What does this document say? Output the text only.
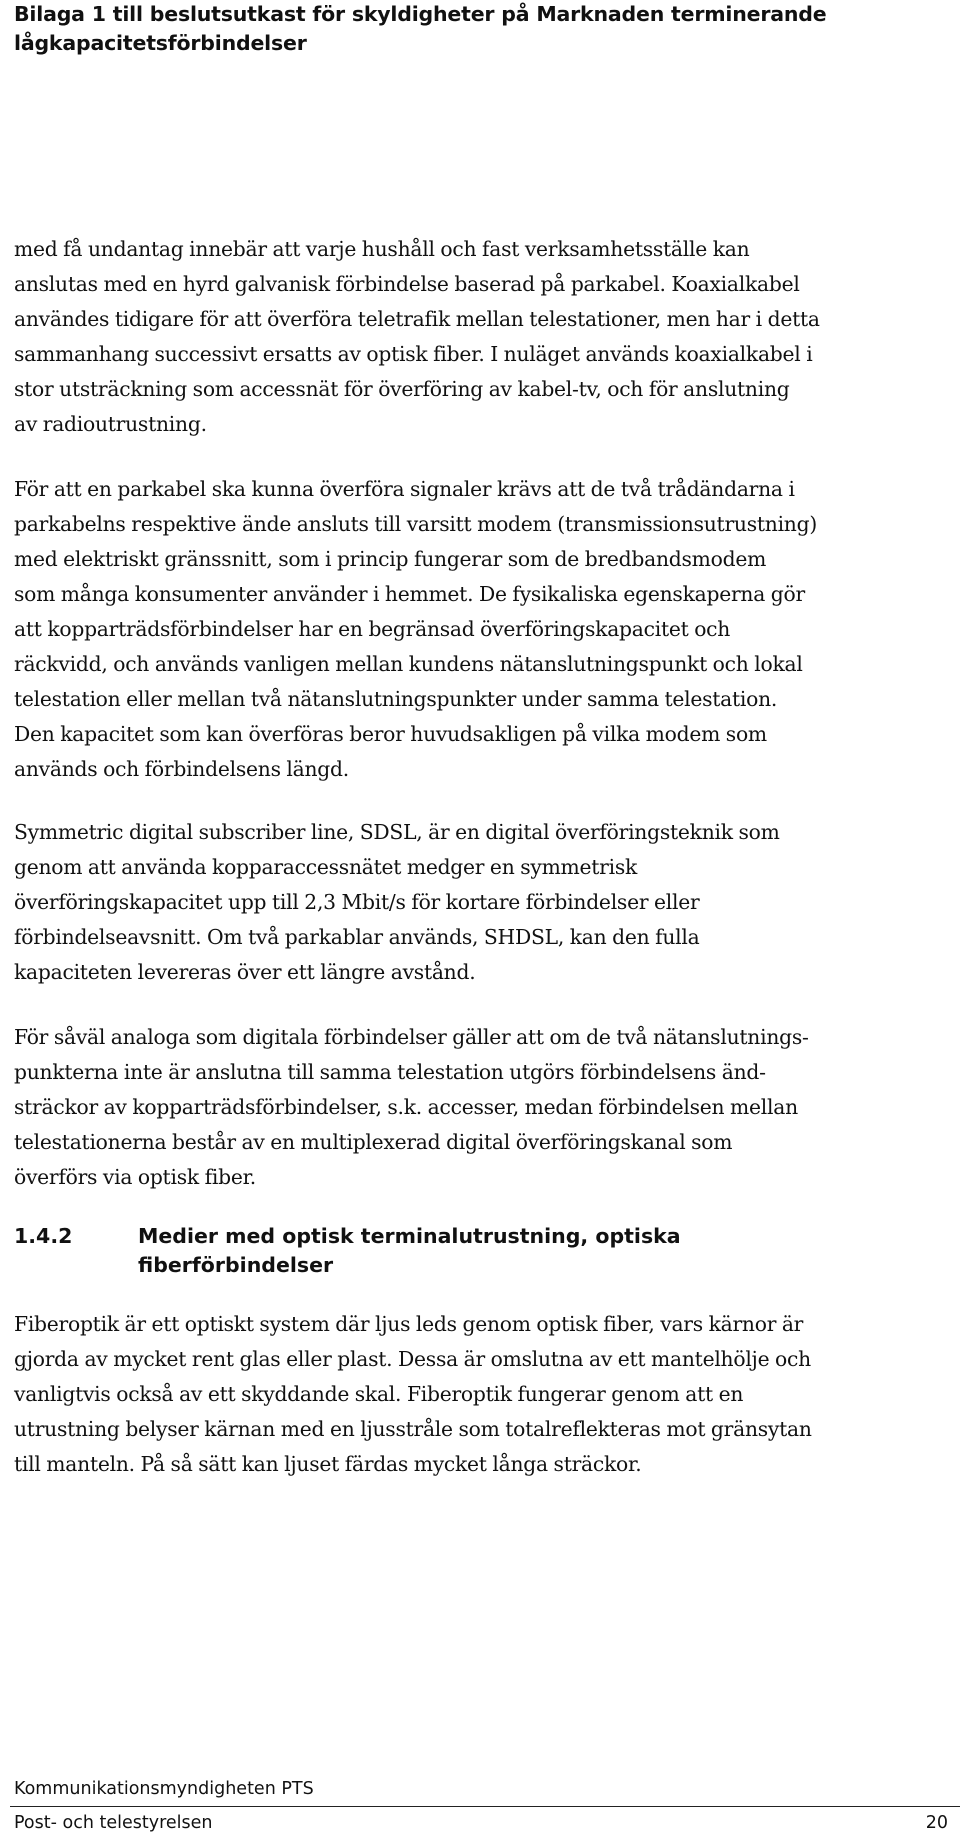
Bilaga 1 till beslutsutkast för skyldigheter på Marknaden terminerande
lågkapacitetsförbindelser

med få undantag innebär att varje hushåll och fast verksamhetsställe kan
anslutas med en hyrd galvanisk förbindelse baserad på parkabel. Koaxialkabel
användes tidigare för att överföra teletrafik mellan telestationer, men har i detta
sammanhang successivt ersatts av optisk fiber. I nuläget används koaxialkabel i
stor utsträckning som accessnät för överföring av kabel-tv, och för anslutning
av radioutrustning.

För att en parkabel ska kunna överföra signaler krävs att de två trådändarna i
parkabelns respektive ände ansluts till varsitt modem (transmissionsutrustning)
med elektriskt gränssnitt, som i princip fungerar som de bredbandsmodem
som många konsumenter använder i hemmet. De fysikaliska egenskaperna gör
att kopparträdsförbindelser har en begränsad överföringskapacitet och
räckvidd, och används vanligen mellan kundens nätanslutningspunkt och lokal
telestation eller mellan två nätanslutningspunkter under samma telestation.
Den kapacitet som kan överföras beror huvudsakligen på vilka modem som
används och förbindelsens längd.

Symmetric digital subscriber line, SDSL, är en digital överföringsteknik som
genom att använda kopparaccessnätet medger en symmetrisk
överföringskapacitet upp till 2,3 Mbit/s för kortare förbindelser eller
förbindelseavsnitt. Om två parkablar används, SHDSL, kan den fulla
kapaciteten levereras över ett längre avstånd.

För såväl analoga som digitala förbindelser gäller att om de två nätanslutnings-
punkterna inte är anslutna till samma telestation utgörs förbindelsens änd-
sträckor av kopparträdsförbindelser, s.k. accesser, medan förbindelsen mellan
telestationerna består av en multiplexerad digital överföringskanal som
överförs via optisk fiber.

1.4.2	Medier med optisk terminalutrustning, optiska
fiberförbindelser

Fiberoptik är ett optiskt system där ljus leds genom optisk fiber, vars kärnor är
gjorda av mycket rent glas eller plast. Dessa är omslutna av ett mantelhölje och
vanligtvis också av ett skyddande skal. Fiberoptik fungerar genom att en
utrustning belyser kärnan med en ljusstråle som totalreflekteras mot gränsytan
till manteln. På så sätt kan ljuset färdas mycket långa sträckor.

Kommunikationsmyndigheten PTS
Post- och telestyrelsen	20
